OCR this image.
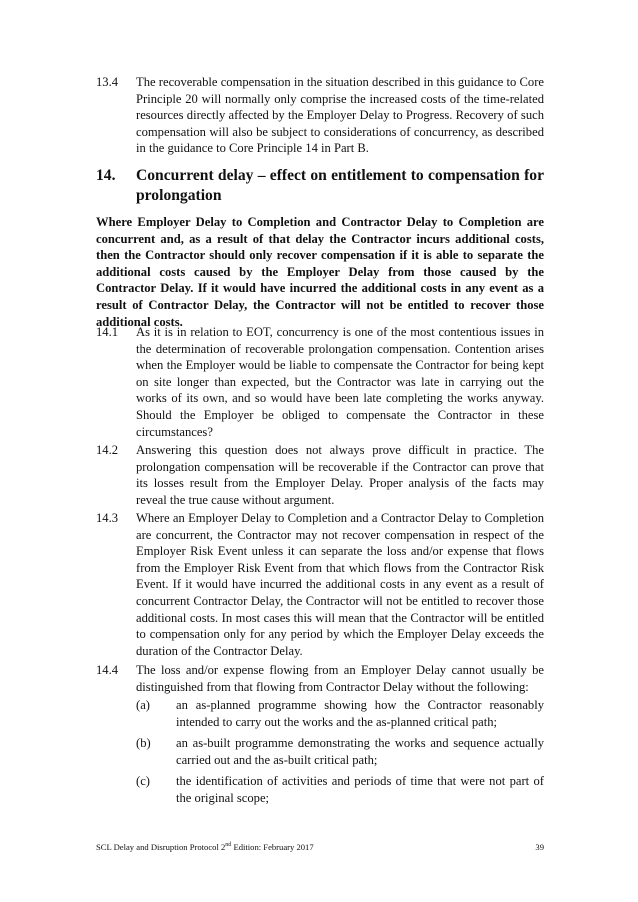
13.4 The recoverable compensation in the situation described in this guidance to Core Principle 20 will normally only comprise the increased costs of the time-related resources directly affected by the Employer Delay to Progress. Recovery of such compensation will also be subject to considerations of concurrency, as described in the guidance to Core Principle 14 in Part B.
14. Concurrent delay – effect on entitlement to compensation for prolongation
Where Employer Delay to Completion and Contractor Delay to Completion are concurrent and, as a result of that delay the Contractor incurs additional costs, then the Contractor should only recover compensation if it is able to separate the additional costs caused by the Employer Delay from those caused by the Contractor Delay. If it would have incurred the additional costs in any event as a result of Contractor Delay, the Contractor will not be entitled to recover those additional costs.
14.1 As it is in relation to EOT, concurrency is one of the most contentious issues in the determination of recoverable prolongation compensation. Contention arises when the Employer would be liable to compensate the Contractor for being kept on site longer than expected, but the Contractor was late in carrying out the works of its own, and so would have been late completing the works anyway. Should the Employer be obliged to compensate the Contractor in these circumstances?
14.2 Answering this question does not always prove difficult in practice. The prolongation compensation will be recoverable if the Contractor can prove that its losses result from the Employer Delay. Proper analysis of the facts may reveal the true cause without argument.
14.3 Where an Employer Delay to Completion and a Contractor Delay to Completion are concurrent, the Contractor may not recover compensation in respect of the Employer Risk Event unless it can separate the loss and/or expense that flows from the Employer Risk Event from that which flows from the Contractor Risk Event. If it would have incurred the additional costs in any event as a result of concurrent Contractor Delay, the Contractor will not be entitled to recover those additional costs. In most cases this will mean that the Contractor will be entitled to compensation only for any period by which the Employer Delay exceeds the duration of the Contractor Delay.
14.4 The loss and/or expense flowing from an Employer Delay cannot usually be distinguished from that flowing from Contractor Delay without the following:
(a) an as-planned programme showing how the Contractor reasonably intended to carry out the works and the as-planned critical path;
(b) an as-built programme demonstrating the works and sequence actually carried out and the as-built critical path;
(c) the identification of activities and periods of time that were not part of the original scope;
SCL Delay and Disruption Protocol 2nd Edition: February 2017	39
